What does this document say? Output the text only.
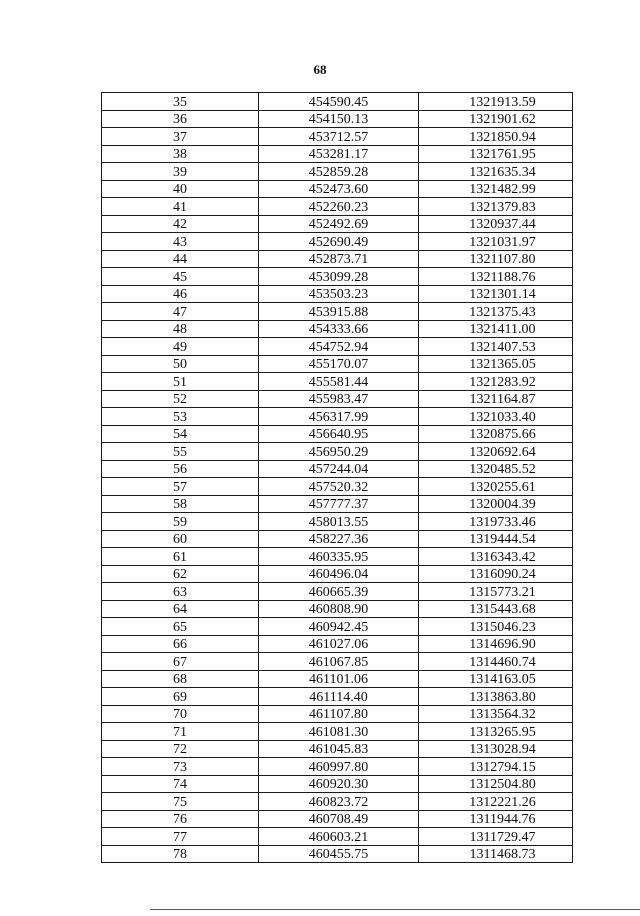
68
35	454590.45	1321913.59
36	454150.13	1321901.62
37	453712.57	1321850.94
38	453281.17	1321761.95
39	452859.28	1321635.34
40	452473.60	1321482.99
41	452260.23	1321379.83
42	452492.69	1320937.44
43	452690.49	1321031.97
44	452873.71	1321107.80
45	453099.28	1321188.76
46	453503.23	1321301.14
47	453915.88	1321375.43
48	454333.66	1321411.00
49	454752.94	1321407.53
50	455170.07	1321365.05
51	455581.44	1321283.92
52	455983.47	1321164.87
53	456317.99	1321033.40
54	456640.95	1320875.66
55	456950.29	1320692.64
56	457244.04	1320485.52
57	457520.32	1320255.61
58	457777.37	1320004.39
59	458013.55	1319733.46
60	458227.36	1319444.54
61	460335.95	1316343.42
62	460496.04	1316090.24
63	460665.39	1315773.21
64	460808.90	1315443.68
65	460942.45	1315046.23
66	461027.06	1314696.90
67	461067.85	1314460.74
68	461101.06	1314163.05
69	461114.40	1313863.80
70	461107.80	1313564.32
71	461081.30	1313265.95
72	461045.83	1313028.94
73	460997.80	1312794.15
74	460920.30	1312504.80
75	460823.72	1312221.26
76	460708.49	1311944.76
77	460603.21	1311729.47
78	460455.75	1311468.73
